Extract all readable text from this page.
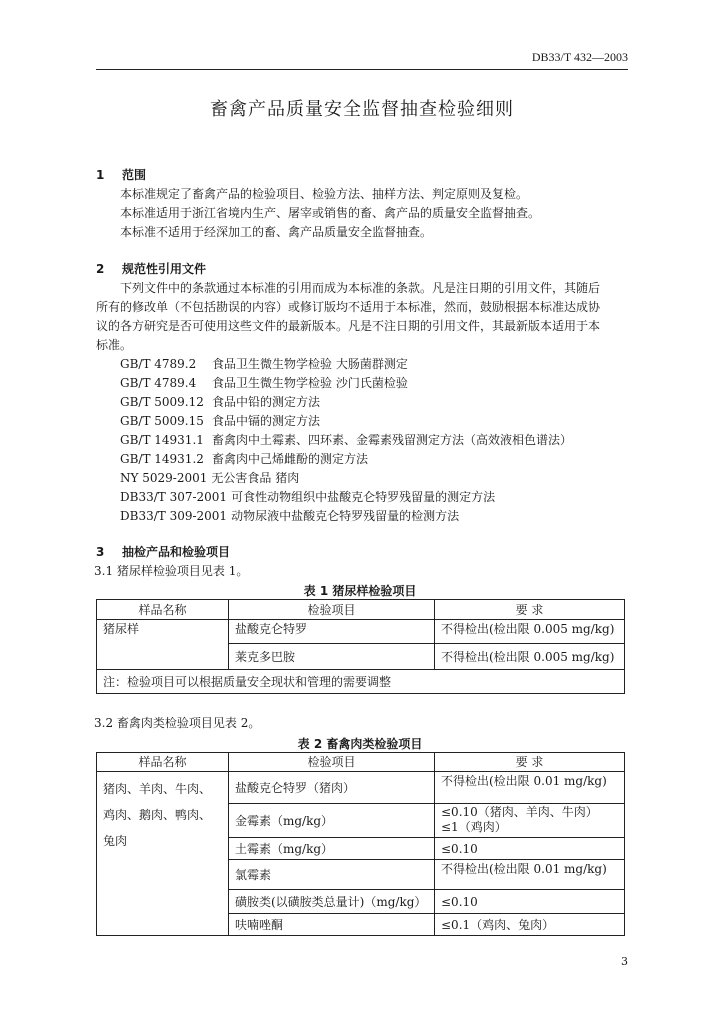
DB33/T 432—2003
畜禽产品质量安全监督抽查检验细则
1 范围
本标准规定了畜禽产品的检验项目、检验方法、抽样方法、判定原则及复检。
本标准适用于浙江省境内生产、屠宰或销售的畜、禽产品的质量安全监督抽查。
本标准不适用于经深加工的畜、禽产品质量安全监督抽查。
2 规范性引用文件
下列文件中的条款通过本标准的引用而成为本标准的条款。凡是注日期的引用文件，其随后
所有的修改单（不包括勘误的内容）或修订版均不适用于本标准，然而，鼓励根据本标准达成协
议的各方研究是否可使用这些文件的最新版本。凡是不注日期的引用文件，其最新版本适用于本
标准。
GB/T 4789.2 食品卫生微生物学检验 大肠菌群测定
GB/T 4789.4 食品卫生微生物学检验 沙门氏菌检验
GB/T 5009.12 食品中铅的测定方法
GB/T 5009.15 食品中镉的测定方法
GB/T 14931.1 畜禽肉中土霉素、四环素、金霉素残留测定方法（高效液相色谱法）
GB/T 14931.2 畜禽肉中己烯雌酚的测定方法
NY 5029-2001 无公害食品 猪肉
DB33/T 307-2001 可食性动物组织中盐酸克仑特罗残留量的测定方法
DB33/T 309-2001 动物尿液中盐酸克仑特罗残留量的检测方法
3 抽检产品和检验项目
3.1 猪尿样检验项目见表 1。
表 1 猪尿样检验项目
样品名称	检验项目	要 求
猪尿样	盐酸克仑特罗	不得检出(检出限 0.005 mg/kg)
	莱克多巴胺	不得检出(检出限 0.005 mg/kg)
注：检验项目可以根据质量安全现状和管理的需要调整		
3.2 畜禽肉类检验项目见表 2。
表 2 畜禽肉类检验项目
样品名称	检验项目	要 求

猪肉、羊肉、牛肉、
鸡肉、鹅肉、鸭肉、
兔肉	盐酸克仑特罗（猪肉）	不得检出(检出限 0.01 mg/kg)

	金霉素（mg/kg）	≤0.10（猪肉、羊肉、牛肉）
≤1（鸡肉）

	土霉素（mg/kg）	≤0.10
	氯霉素	不得检出(检出限 0.01 mg/kg)
	磺胺类(以磺胺类总量计)（mg/kg）	≤0.10
	呋喃唑酮	≤0.1（鸡肉、兔肉）
3
